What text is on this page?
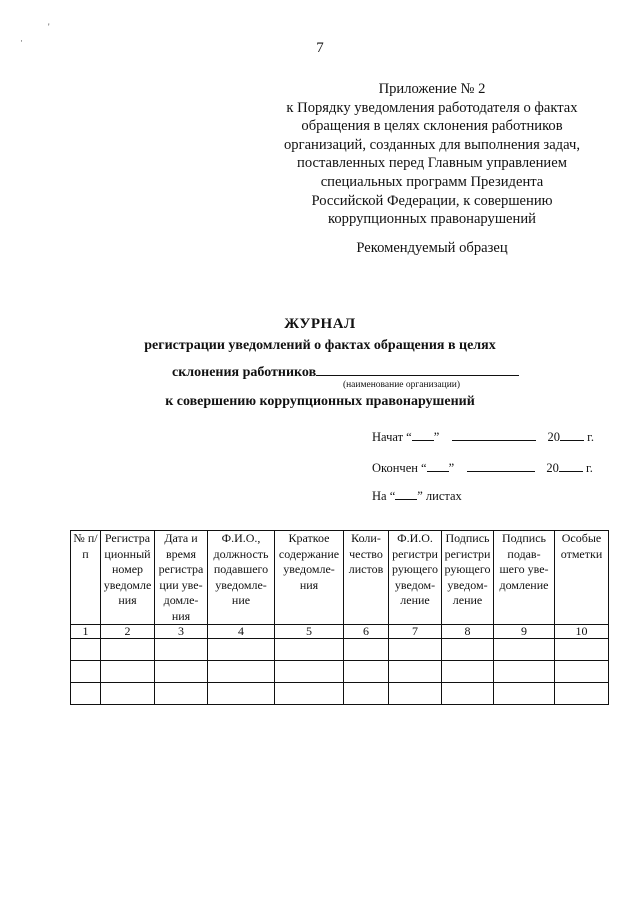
7
Приложение № 2
к Порядку уведомления работодателя о фактах
обращения в целях склонения работников
организаций, созданных для выполнения задач,
поставленных перед Главным управлением
специальных программ Президента
Российской Федерации, к совершению
коррупционных правонарушений
Рекомендуемый образец
ЖУРНАЛ
регистрации уведомлений о фактах обращения в целях
склонения работников
(наименование организации)
к совершению коррупционных правонарушений
Начат “ ”	20 г.
Окончен “ ”	20 г.
На “ ” листах
№ п/п	Регистра ционный номер уведомле ния	Дата и время регистра ции уве- домле- ния	Ф.И.О., должность подавшего уведомле- ние	Краткое содержание уведомле- ния	Коли- чество листов	Ф.И.О. регистри рующего уведом- ление	Подпись регистри рующего уведом- ление	Подпись подав- шего уве- домление	Особые отметки
1	2	3	4	5	6	7	8	9	10

'
·
